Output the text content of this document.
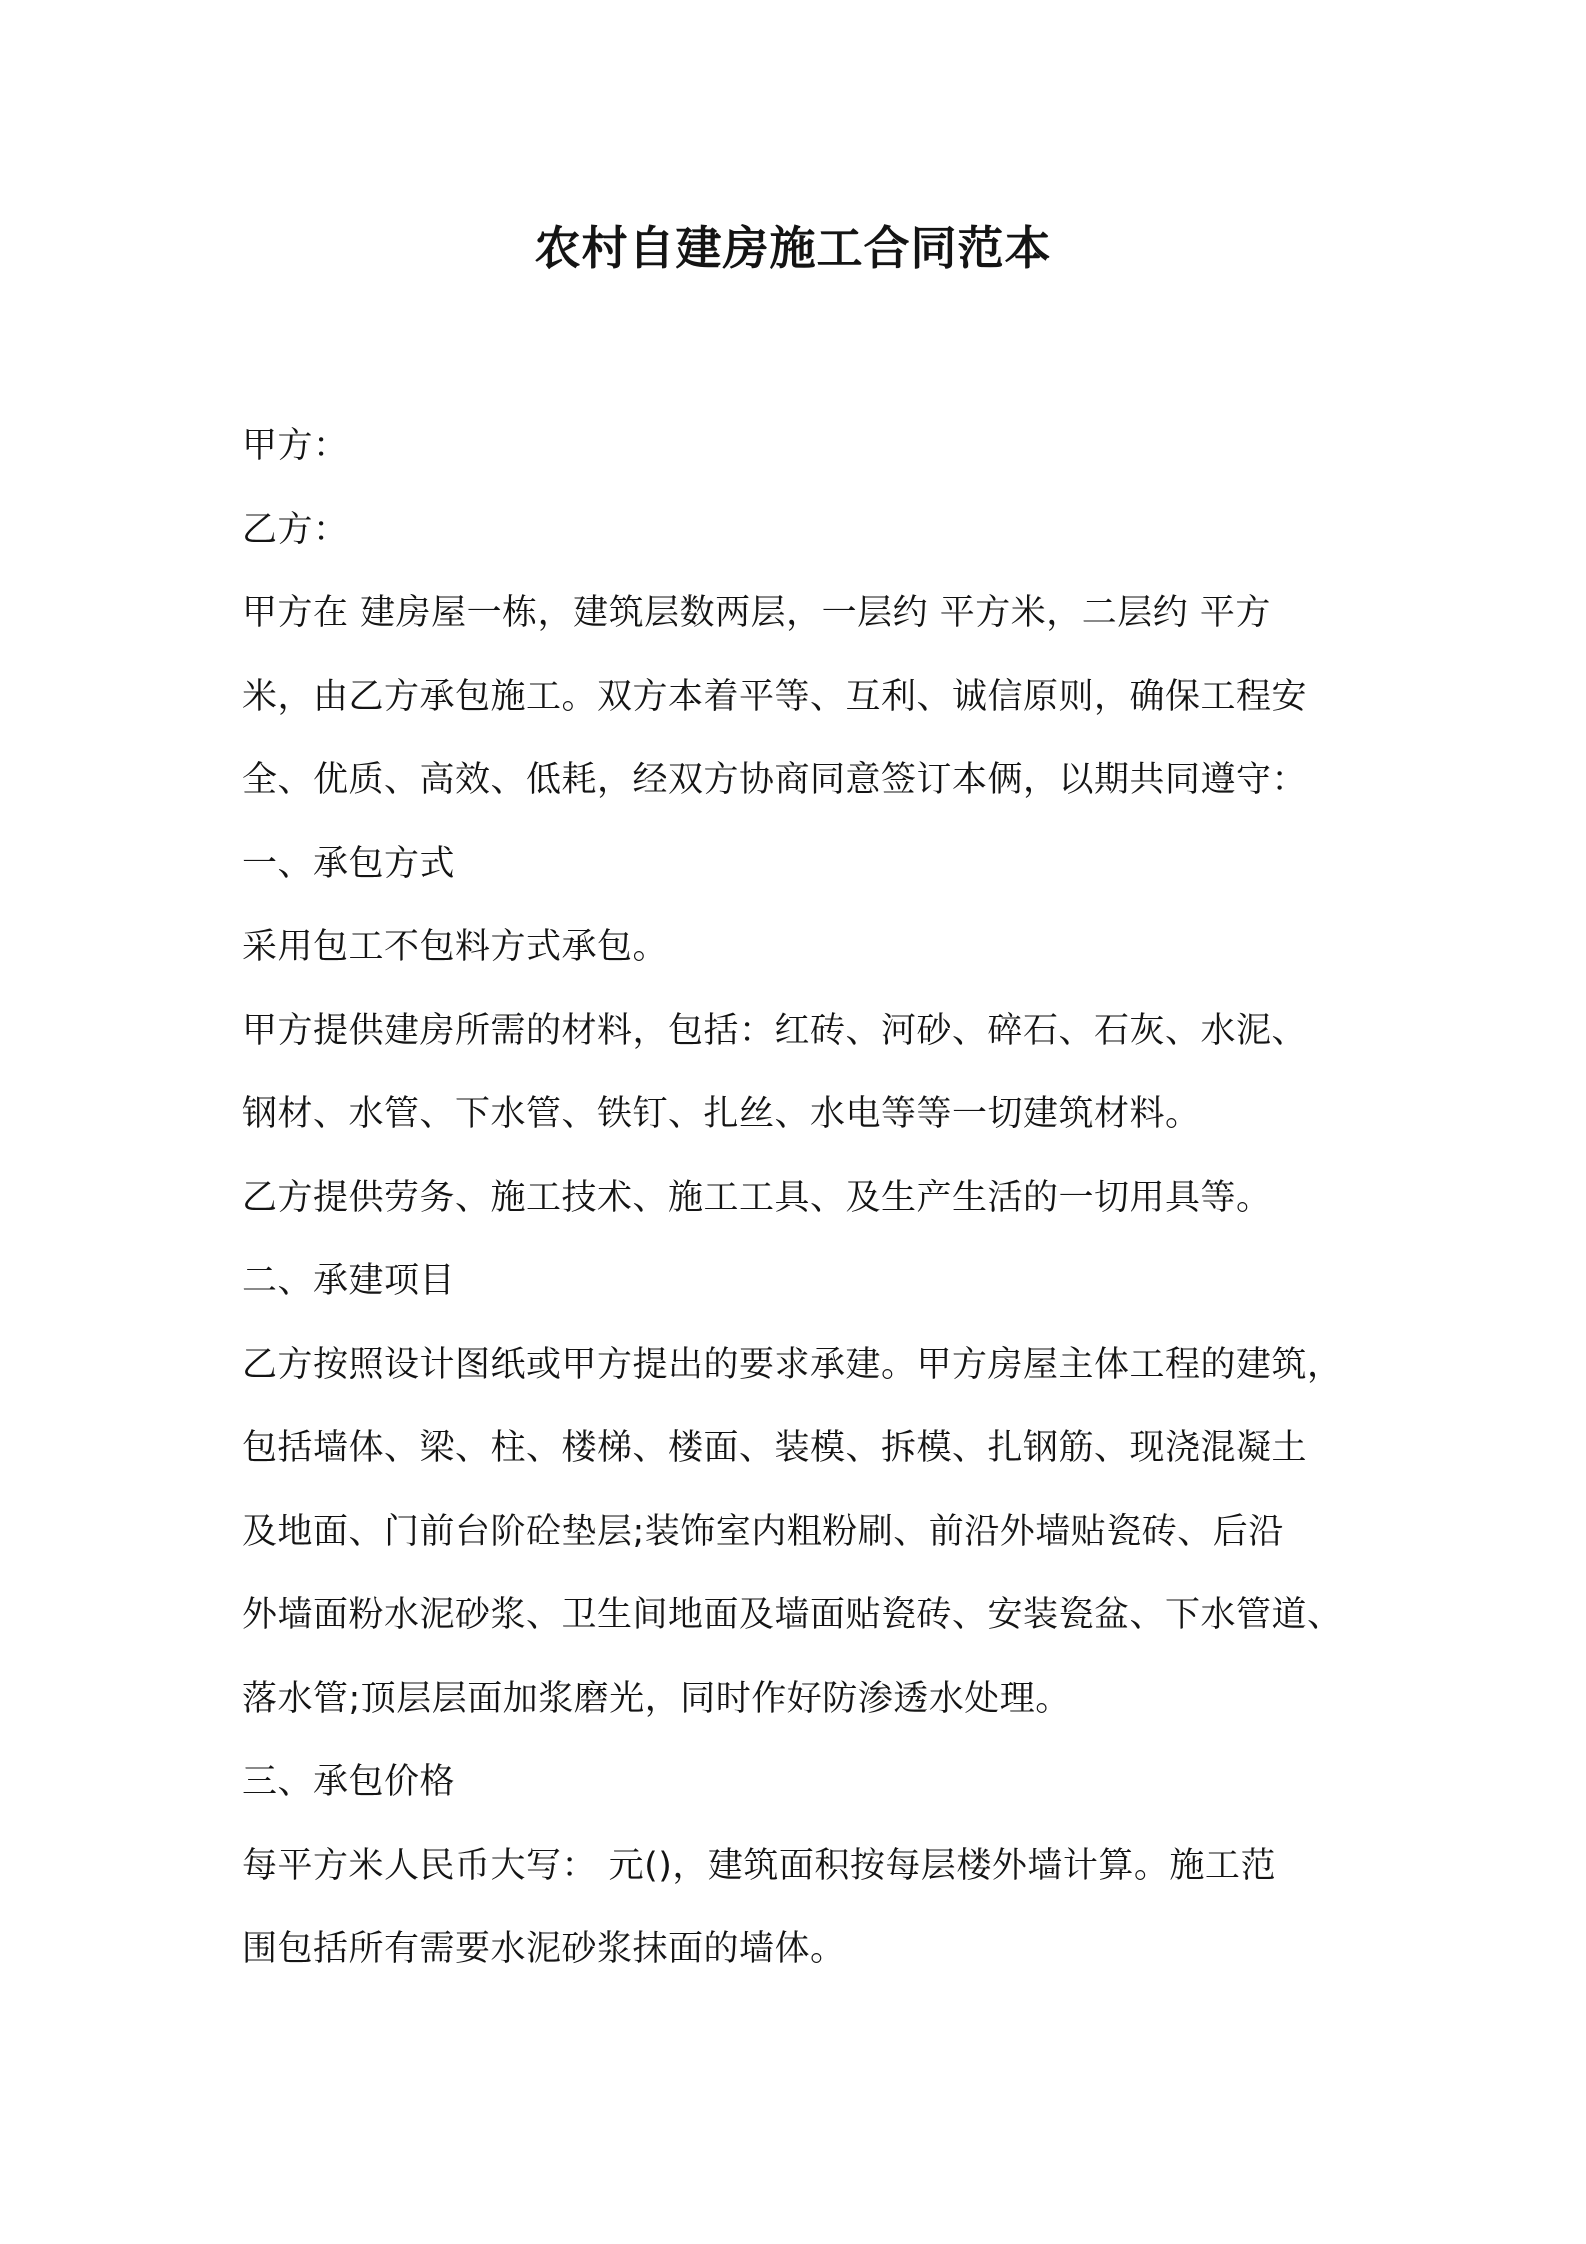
农村自建房施工合同范本
甲方：
乙方：
甲方在 建房屋一栋，建筑层数两层，一层约 平方米，二层约 平方
米，由乙方承包施工。双方本着平等、互利、诚信原则，确保工程安
全、优质、高效、低耗，经双方协商同意签订本俩，以期共同遵守：
一、承包方式
采用包工不包料方式承包。
甲方提供建房所需的材料，包括：红砖、河砂、碎石、石灰、水泥、
钢材、水管、下水管、铁钉、扎丝、水电等等一切建筑材料。
乙方提供劳务、施工技术、施工工具、及生产生活的一切用具等。
二、承建项目
乙方按照设计图纸或甲方提出的要求承建。甲方房屋主体工程的建筑，
包括墙体、梁、柱、楼梯、楼面、装模、拆模、扎钢筋、现浇混凝土
及地面、门前台阶砼垫层;装饰室内粗粉刷、前沿外墙贴瓷砖、后沿
外墙面粉水泥砂浆、卫生间地面及墙面贴瓷砖、安装瓷盆、下水管道、
落水管;顶层层面加浆磨光，同时作好防渗透水处理。
三、承包价格
每平方米人民币大写： 元()，建筑面积按每层楼外墙计算。施工范
围包括所有需要水泥砂浆抹面的墙体。
